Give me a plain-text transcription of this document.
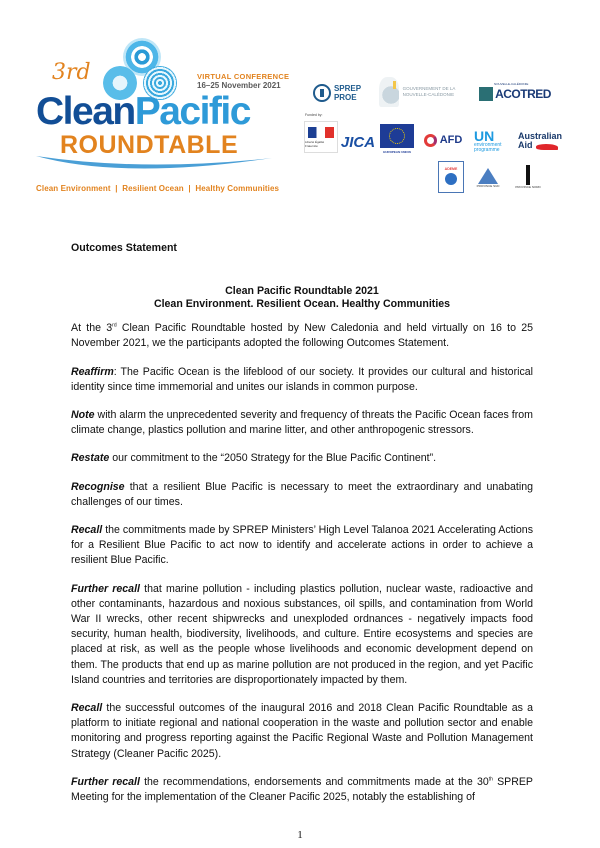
3rd	VIRTUAL CONFERENCE
16–25 November 2021
CleanPacific
ROUNDTABLE
Clean Environment  |  Resilient Ocean  |  Healthy Communities
SPREP
PROE
GOUVERNEMENT DE LA
NOUVELLE-CALÉDONIE	ACOTRED
NOUVELLE-CALÉDONIE
Funded by:
Liberté Égalité Fraternité	JICA
EUROPEAN UNION
AFD UN
environment
programme
Australian
Aid
ADEME
PROVINCE SUD	PROVINCE NORD

Outcomes Statement

Clean Pacific Roundtable 2021
Clean Environment. Resilient Ocean. Healthy Communities

At the 3rd Clean Pacific Roundtable hosted by New Caledonia and held virtually on 16 to 25 November 2021, we the participants adopted the following Outcomes Statement.

Reaffirm: The Pacific Ocean is the lifeblood of our society. It provides our cultural and historical identity since time immemorial and unites our islands in common purpose.

Note with alarm the unprecedented severity and frequency of threats the Pacific Ocean faces from climate change, plastics pollution and marine litter, and other anthropogenic stressors.

Restate our commitment to the “2050 Strategy for the Blue Pacific Continent”.

Recognise that a resilient Blue Pacific is necessary to meet the extraordinary and unabating challenges of our times.

Recall the commitments made by SPREP Ministers’ High Level Talanoa 2021 Accelerating Actions for a Resilient Blue Pacific to act now to identify and accelerate actions in order to achieve a resilient Blue Pacific.

Further recall that marine pollution - including plastics pollution, nuclear waste, radioactive and other contaminants, hazardous and noxious substances, oil spills, and contamination from World War II wrecks, other recent shipwrecks and unexploded ordnances - negatively impacts food security, human health, biodiversity, livelihoods, and culture. Entire ecosystems and species are placed at risk, as well as the people whose livelihoods and economic development depend on them. The products that end up as marine pollution are not produced in the region, and yet Pacific Island countries and territories are disproportionately impacted by them.

Recall the successful outcomes of the inaugural 2016 and 2018 Clean Pacific Roundtable as a platform to initiate regional and national cooperation in the waste and pollution sector and enable monitoring and progress reporting against the Pacific Regional Waste and Pollution Management Strategy (Cleaner Pacific 2025).

Further recall the recommendations, endorsements and commitments made at the 30th SPREP Meeting for the implementation of the Cleaner Pacific 2025, notably the establishing of

1
